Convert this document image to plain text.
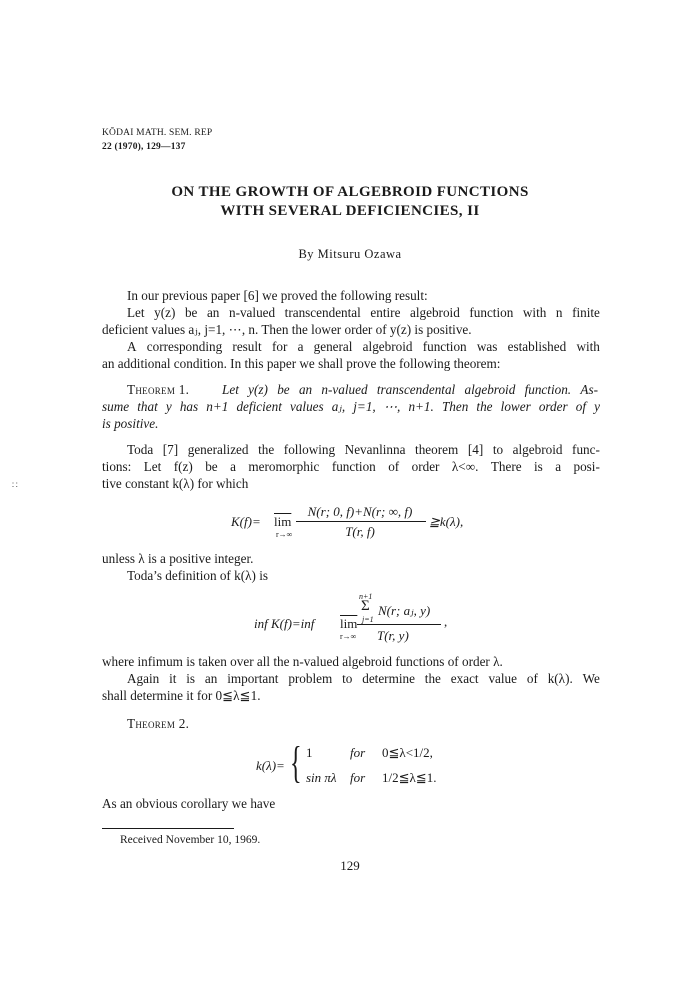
KŌDAI MATH. SEM. REP
22 (1970), 129—137
ON THE GROWTH OF ALGEBROID FUNCTIONS
WITH SEVERAL DEFICIENCIES, II
By Mitsuru Ozawa
In our previous paper [6] we proved the following result:
Let y(z) be an n-valued transcendental entire algebroid function with n finite
deficient values aⱼ, j=1, ⋯, n. Then the lower order of y(z) is positive.
A corresponding result for a general algebroid function was established with
an additional condition. In this paper we shall prove the following theorem:
Theorem 1. Let y(z) be an n-valued transcendental algebroid function. As-
sume that y has n+1 deficient values aⱼ, j=1, ⋯, n+1. Then the lower order of y
is positive.
Toda [7] generalized the following Nevanlinna theorem [4] to algebroid func-
tions: Let f(z) be a meromorphic function of order λ<∞. There is a posi-
tive constant k(λ) for which
$K(f)= \overline{lim}$
r→∞
N(r; 0, f)+N(r; ∞, f)
T(r, f)
≧k(λ),
unless λ is a positive integer.
Toda’s definition of k(λ) is
inf K(f)=inf $\overline{lim}$
r→∞
n+1
Σ
j=1
N(r; aⱼ, y)
T(r, y)
,
where infimum is taken over all the n-valued algebroid functions of order λ.
Again it is an important problem to determine the exact value of k(λ). We
shall determine it for 0≦λ≦1.
Theorem 2.
k(λ)= { 1	for 0≦λ<1/2,
sin πλ for 1/2≦λ≦1.
As an obvious corollary we have
Received November 10, 1969.
129
∷
